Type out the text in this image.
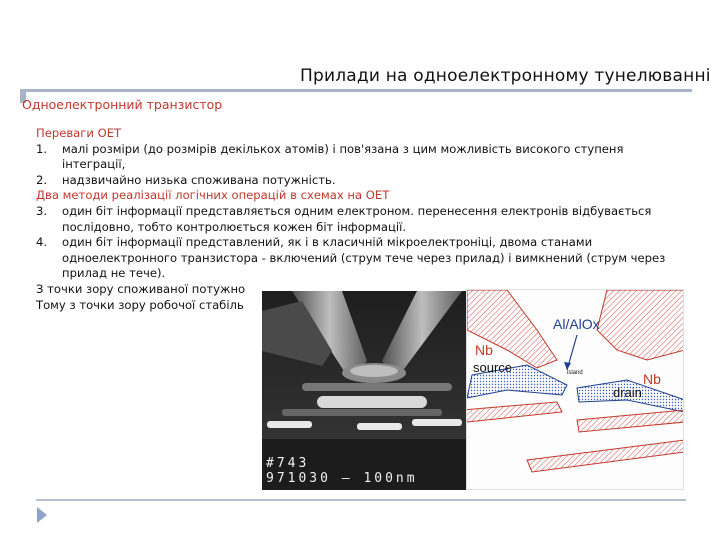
Прилади на одноелектронному тунелюванні
Одноелектронний транзистор
Переваги ОЕТ
1.	малі розміри (до розмірів декількох атомів) і пов'язана з цим можливість високого ступеня інтеграції,
2.	надзвичайно низька споживана потужність.
Два методи реалізації логічних операцій в схемах на ОЕТ
3.	один біт інформації представляється одним електроном. перенесення електронів відбувається послідовно, тобто контролюється кожен біт інформації.
4.	один біт інформації представлений, як і в класичній мікроелектроніці, двома станами одноелектронного транзистора - включений (струм тече через прилад) і вимкнений (струм через прилад не тече).
З точки зору споживаної потужно
Тому з точки зору робочої стабіль
#743
971030 — 100nm
Al/AlOx
Nb
source	island	Nb
drain
